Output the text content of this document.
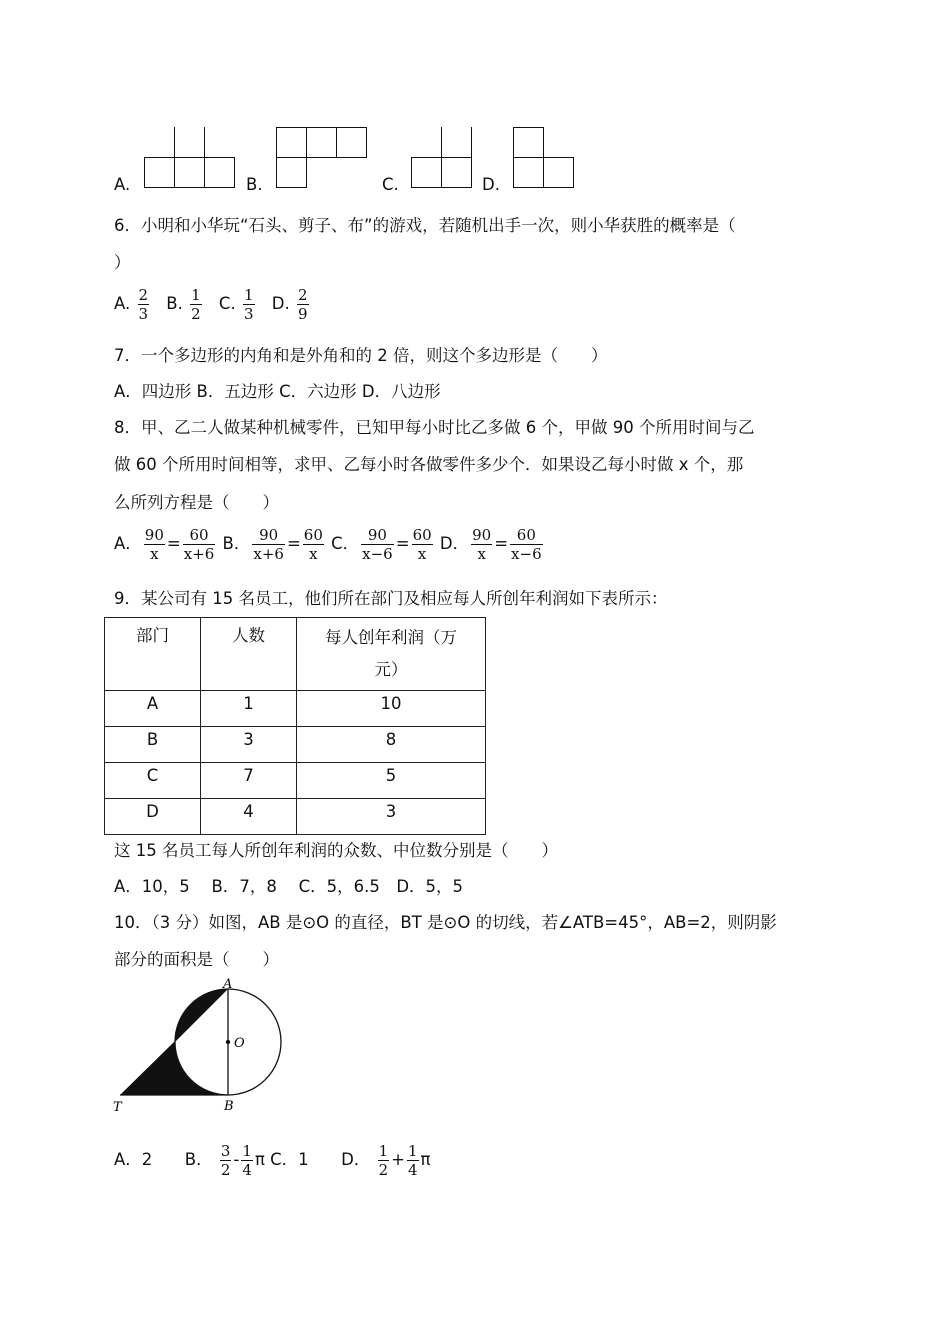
A.	B.	C.	D.
6．小明和小华玩“石头、剪子、布”的游戏，若随机出手一次，则小华获胜的概率是（
）
A. $\frac{2}{3} B$. $\frac{1}{2} C$. $\frac{1}{3} D$. $\frac{2}{9}$
7．一个多边形的内角和是外角和的 2 倍，则这个多边形是（　　）
A．四边形 B．五边形 C．六边形 D．八边形
8．甲、乙二人做某种机械零件，已知甲每小时比乙多做 6 个，甲做 90 个所用时间与乙
做 60 个所用时间相等，求甲、乙每小时各做零件多少个．如果设乙每小时做 x 个，那
么所列方程是（　　）
A． $\frac{90}{x} = \frac{60}{x+6}$ B． $\frac{90}{x+6} = \frac{60}{x}$ C． $\frac{90}{x-6} = \frac{60}{x}$ D． $\frac{90}{x} = \frac{60}{x-6}$
9．某公司有 15 名员工，他们所在部门及相应每人所创年利润如下表所示：
部门	人数	每人创年利润（万
元）
A	1	10
B	3	8
C	7	5
D	4	3
这 15 名员工每人所创年利润的众数、中位数分别是（　　）
A．10，5　 B．7，8　 C．5，6.5　D．5，5
10．（3 分）如图，AB 是⊙O 的直径，BT 是⊙O 的切线，若∠ATB=45°，AB=2，则阴影
部分的面积是（　　）
A
O
T	B
A．2 B． $\frac{3}{2} - \frac{1}{4}$ π C．1 D． $\frac{1}{2} + \frac{1}{4}$ π
